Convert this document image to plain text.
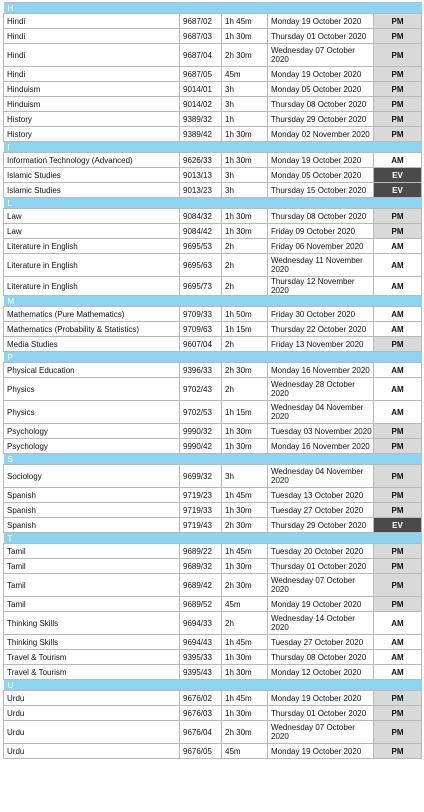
H				
Hindi	9687/02	1h 45m	Monday 19 October 2020	PM
Hindi	9687/03	1h 30m	Thursday 01 October 2020	PM
Hindi	9687/04	2h 30m	Wednesday 07 October 2020	PM
Hindi	9687/05	45m	Monday 19 October 2020	PM
Hinduism	9014/01	3h	Monday 05 October 2020	PM
Hinduism	9014/02	3h	Thursday 08 October 2020	PM
History	9389/32	1h	Thursday 29 October 2020	PM
History	9389/42	1h 30m	Monday 02 November 2020	PM
I				
Information Technology (Advanced)	9626/33	1h 30m	Monday 19 October 2020	AM
Islamic Studies	9013/13	3h	Monday 05 October 2020	EV
Islamic Studies	9013/23	3h	Thursday 15 October 2020	EV
L				
Law	9084/32	1h 30m	Thursday 08 October 2020	PM
Law	9084/42	1h 30m	Friday 09 October 2020	PM
Literature in English	9695/53	2h	Friday 06 November 2020	AM
Literature in English	9695/63	2h	Wednesday 11 November 2020	AM
Literature in English	9695/73	2h	Thursday 12 November 2020	AM
M				
Mathematics (Pure Mathematics)	9709/33	1h 50m	Friday 30 October 2020	AM
Mathematics (Probability & Statistics)	9709/63	1h 15m	Thursday 22 October 2020	AM
Media Studies	9607/04	2h	Friday 13 November 2020	PM
P				
Physical Education	9396/33	2h 30m	Monday 16 November 2020	AM
Physics	9702/43	2h	Wednesday 28 October 2020	AM
Physics	9702/53	1h 15m	Wednesday 04 November 2020	AM
Psychology	9990/32	1h 30m	Tuesday 03 November 2020	PM
Psychology	9990/42	1h 30m	Monday 16 November 2020	PM
S				
Sociology	9699/32	3h	Wednesday 04 November 2020	PM
Spanish	9719/23	1h 45m	Tuesday 13 October 2020	PM
Spanish	9719/33	1h 30m	Tuesday 27 October 2020	PM
Spanish	9719/43	2h 30m	Thursday 29 October 2020	EV
T				
Tamil	9689/22	1h 45m	Tuesday 20 October 2020	PM
Tamil	9689/32	1h 30m	Thursday 01 October 2020	PM
Tamil	9689/42	2h 30m	Wednesday 07 October 2020	PM
Tamil	9689/52	45m	Monday 19 October 2020	PM
Thinking Skills	9694/33	2h	Wednesday 14 October 2020	AM
Thinking Skills	9694/43	1h 45m	Tuesday 27 October 2020	AM
Travel & Tourism	9395/33	1h 30m	Thursday 08 October 2020	AM
Travel & Tourism	9395/43	1h 30m	Monday 12 October 2020	AM
U				
Urdu	9676/02	1h 45m	Monday 19 October 2020	PM
Urdu	9676/03	1h 30m	Thursday 01 October 2020	PM
Urdu	9676/04	2h 30m	Wednesday 07 October 2020	PM
Urdu	9676/05	45m	Monday 19 October 2020	PM
